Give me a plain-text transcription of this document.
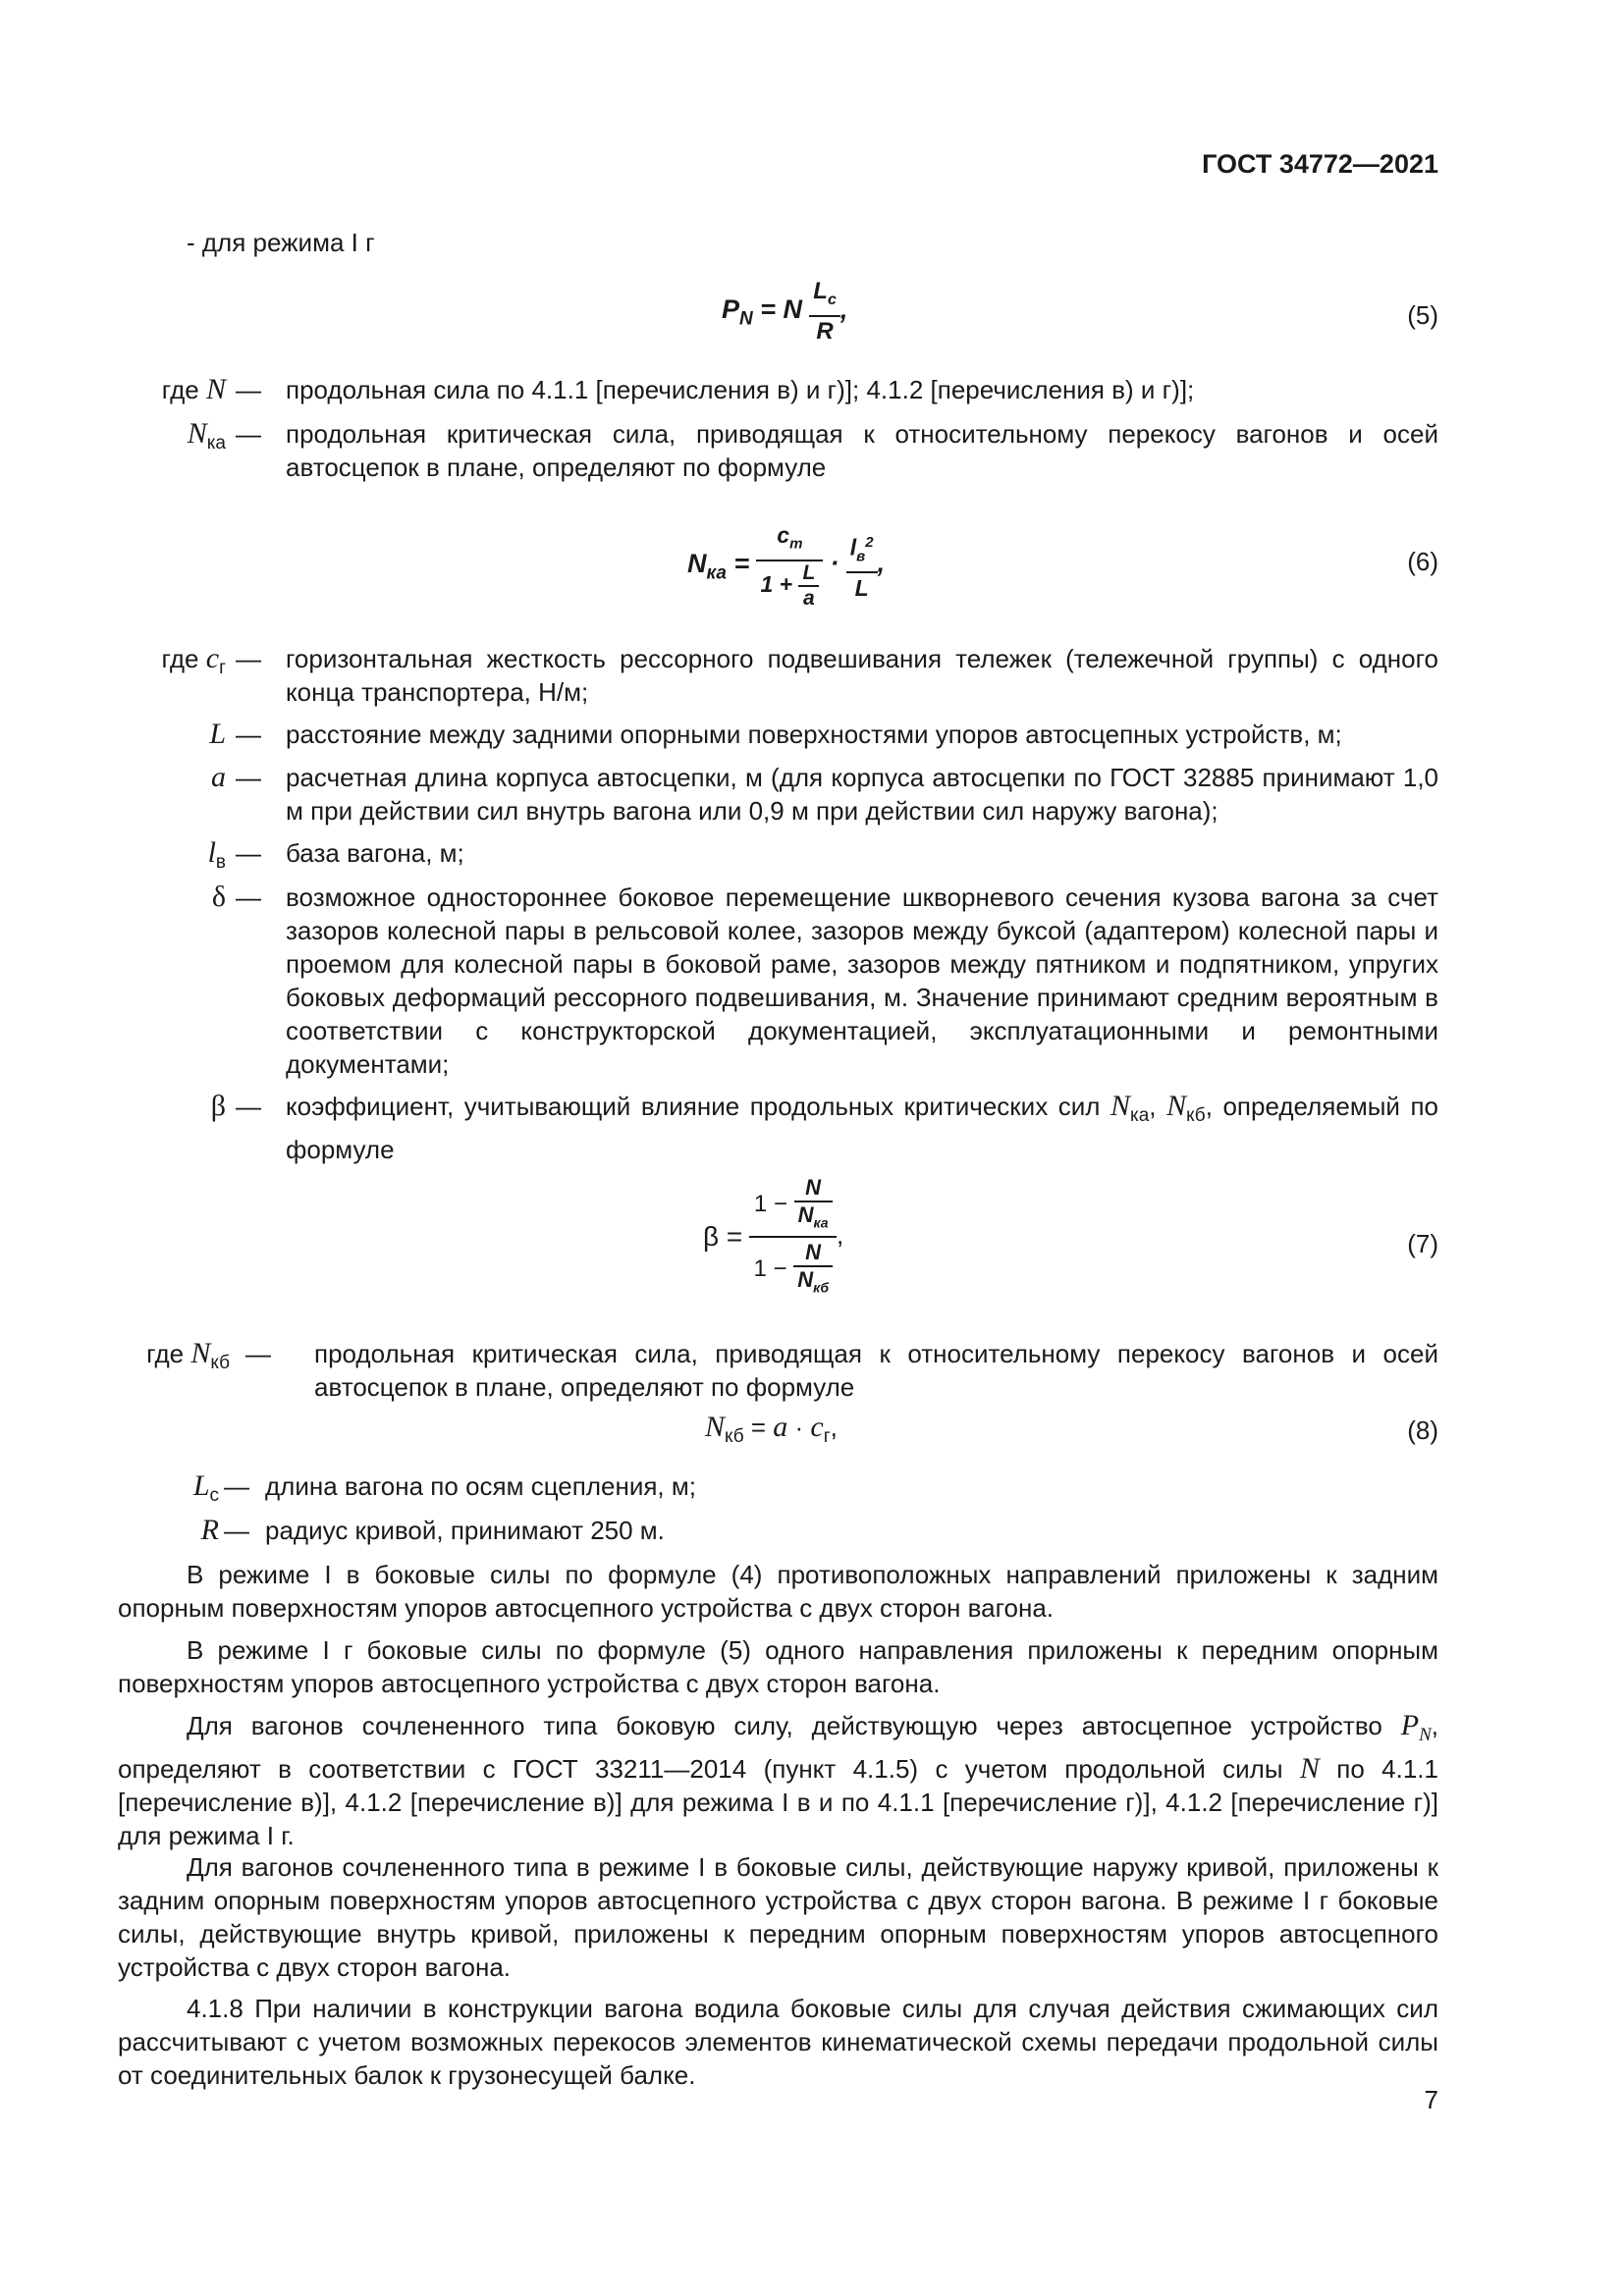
ГОСТ 34772—2021
- для режима I г
$P_N = N \frac{L_c}{R}$ ,	(5)
где N — продольная сила по 4.1.1 [перечисления в) и г)]; 4.1.2 [перечисления в) и г)];
$N_{ка}$ — продольная критическая сила, приводящая к относительному перекосу вагонов и осей автосцепок в плане, определяют по формуле
$N_{ка} = \frac{c_т}{1 + \frac{L}{a}} \cdot \frac{l_в^2}{L}$ ,	(6)
где $c_г$ — горизонтальная жесткость рессорного подвешивания тележек (тележечной группы) с одного конца транспортера, Н/м;
L — расстояние между задними опорными поверхностями упоров автосцепных устройств, м;
a — расчетная длина корпуса автосцепки, м (для корпуса автосцепки по ГОСТ 32885 принимают 1,0 м при действии сил внутрь вагона или 0,9 м при действии сил наружу вагона);
$l_в$ — база вагона, м;
δ — возможное одностороннее боковое перемещение шкворневого сечения кузова вагона за счет зазоров колесной пары в рельсовой колее, зазоров между буксой (адаптером) колесной пары и проемом для колесной пары в боковой раме, зазоров между пятником и подпятником, упругих боковых деформаций рессорного подвешивания, м. Значение принимают средним вероятным в соответствии с конструкторской документацией, эксплуатационными и ремонтными документами;
β — коэффициент, учитывающий влияние продольных критических сил $N_{ка}$, $N_{кб}$, определяемый по формуле
$\beta = \frac{1 - \frac{N}{N_{ка}}}{1 - \frac{N}{N_{кб}}}$ ,	(7)
где $N_{кб}$ — продольная критическая сила, приводящая к относительному перекосу вагонов и осей автосцепок в плане, определяют по формуле
$N_{кб} = a \cdot c_г$,	(8)
$L_с$ — длина вагона по осям сцепления, м;
R — радиус кривой, принимают 250 м.
В режиме I в боковые силы по формуле (4) противоположных направлений приложены к задним опорным поверхностям упоров автосцепного устройства с двух сторон вагона.
В режиме I г боковые силы по формуле (5) одного направления приложены к передним опорным поверхностям упоров автосцепного устройства с двух сторон вагона.
Для вагонов сочлененного типа боковую силу, действующую через автосцепное устройство $P_N$, определяют в соответствии с ГОСТ 33211—2014 (пункт 4.1.5) с учетом продольной силы N по 4.1.1 [перечисление в)], 4.1.2 [перечисление в)] для режима I в и по 4.1.1 [перечисление г)], 4.1.2 [перечисление г)] для режима I г.
Для вагонов сочлененного типа в режиме I в боковые силы, действующие наружу кривой, приложены к задним опорным поверхностям упоров автосцепного устройства с двух сторон вагона. В режиме I г боковые силы, действующие внутрь кривой, приложены к передним опорным поверхностям упоров автосцепного устройства с двух сторон вагона.
4.1.8 При наличии в конструкции вагона водила боковые силы для случая действия сжимающих сил рассчитывают с учетом возможных перекосов элементов кинематической схемы передачи продольной силы от соединительных балок к грузонесущей балке.
7
